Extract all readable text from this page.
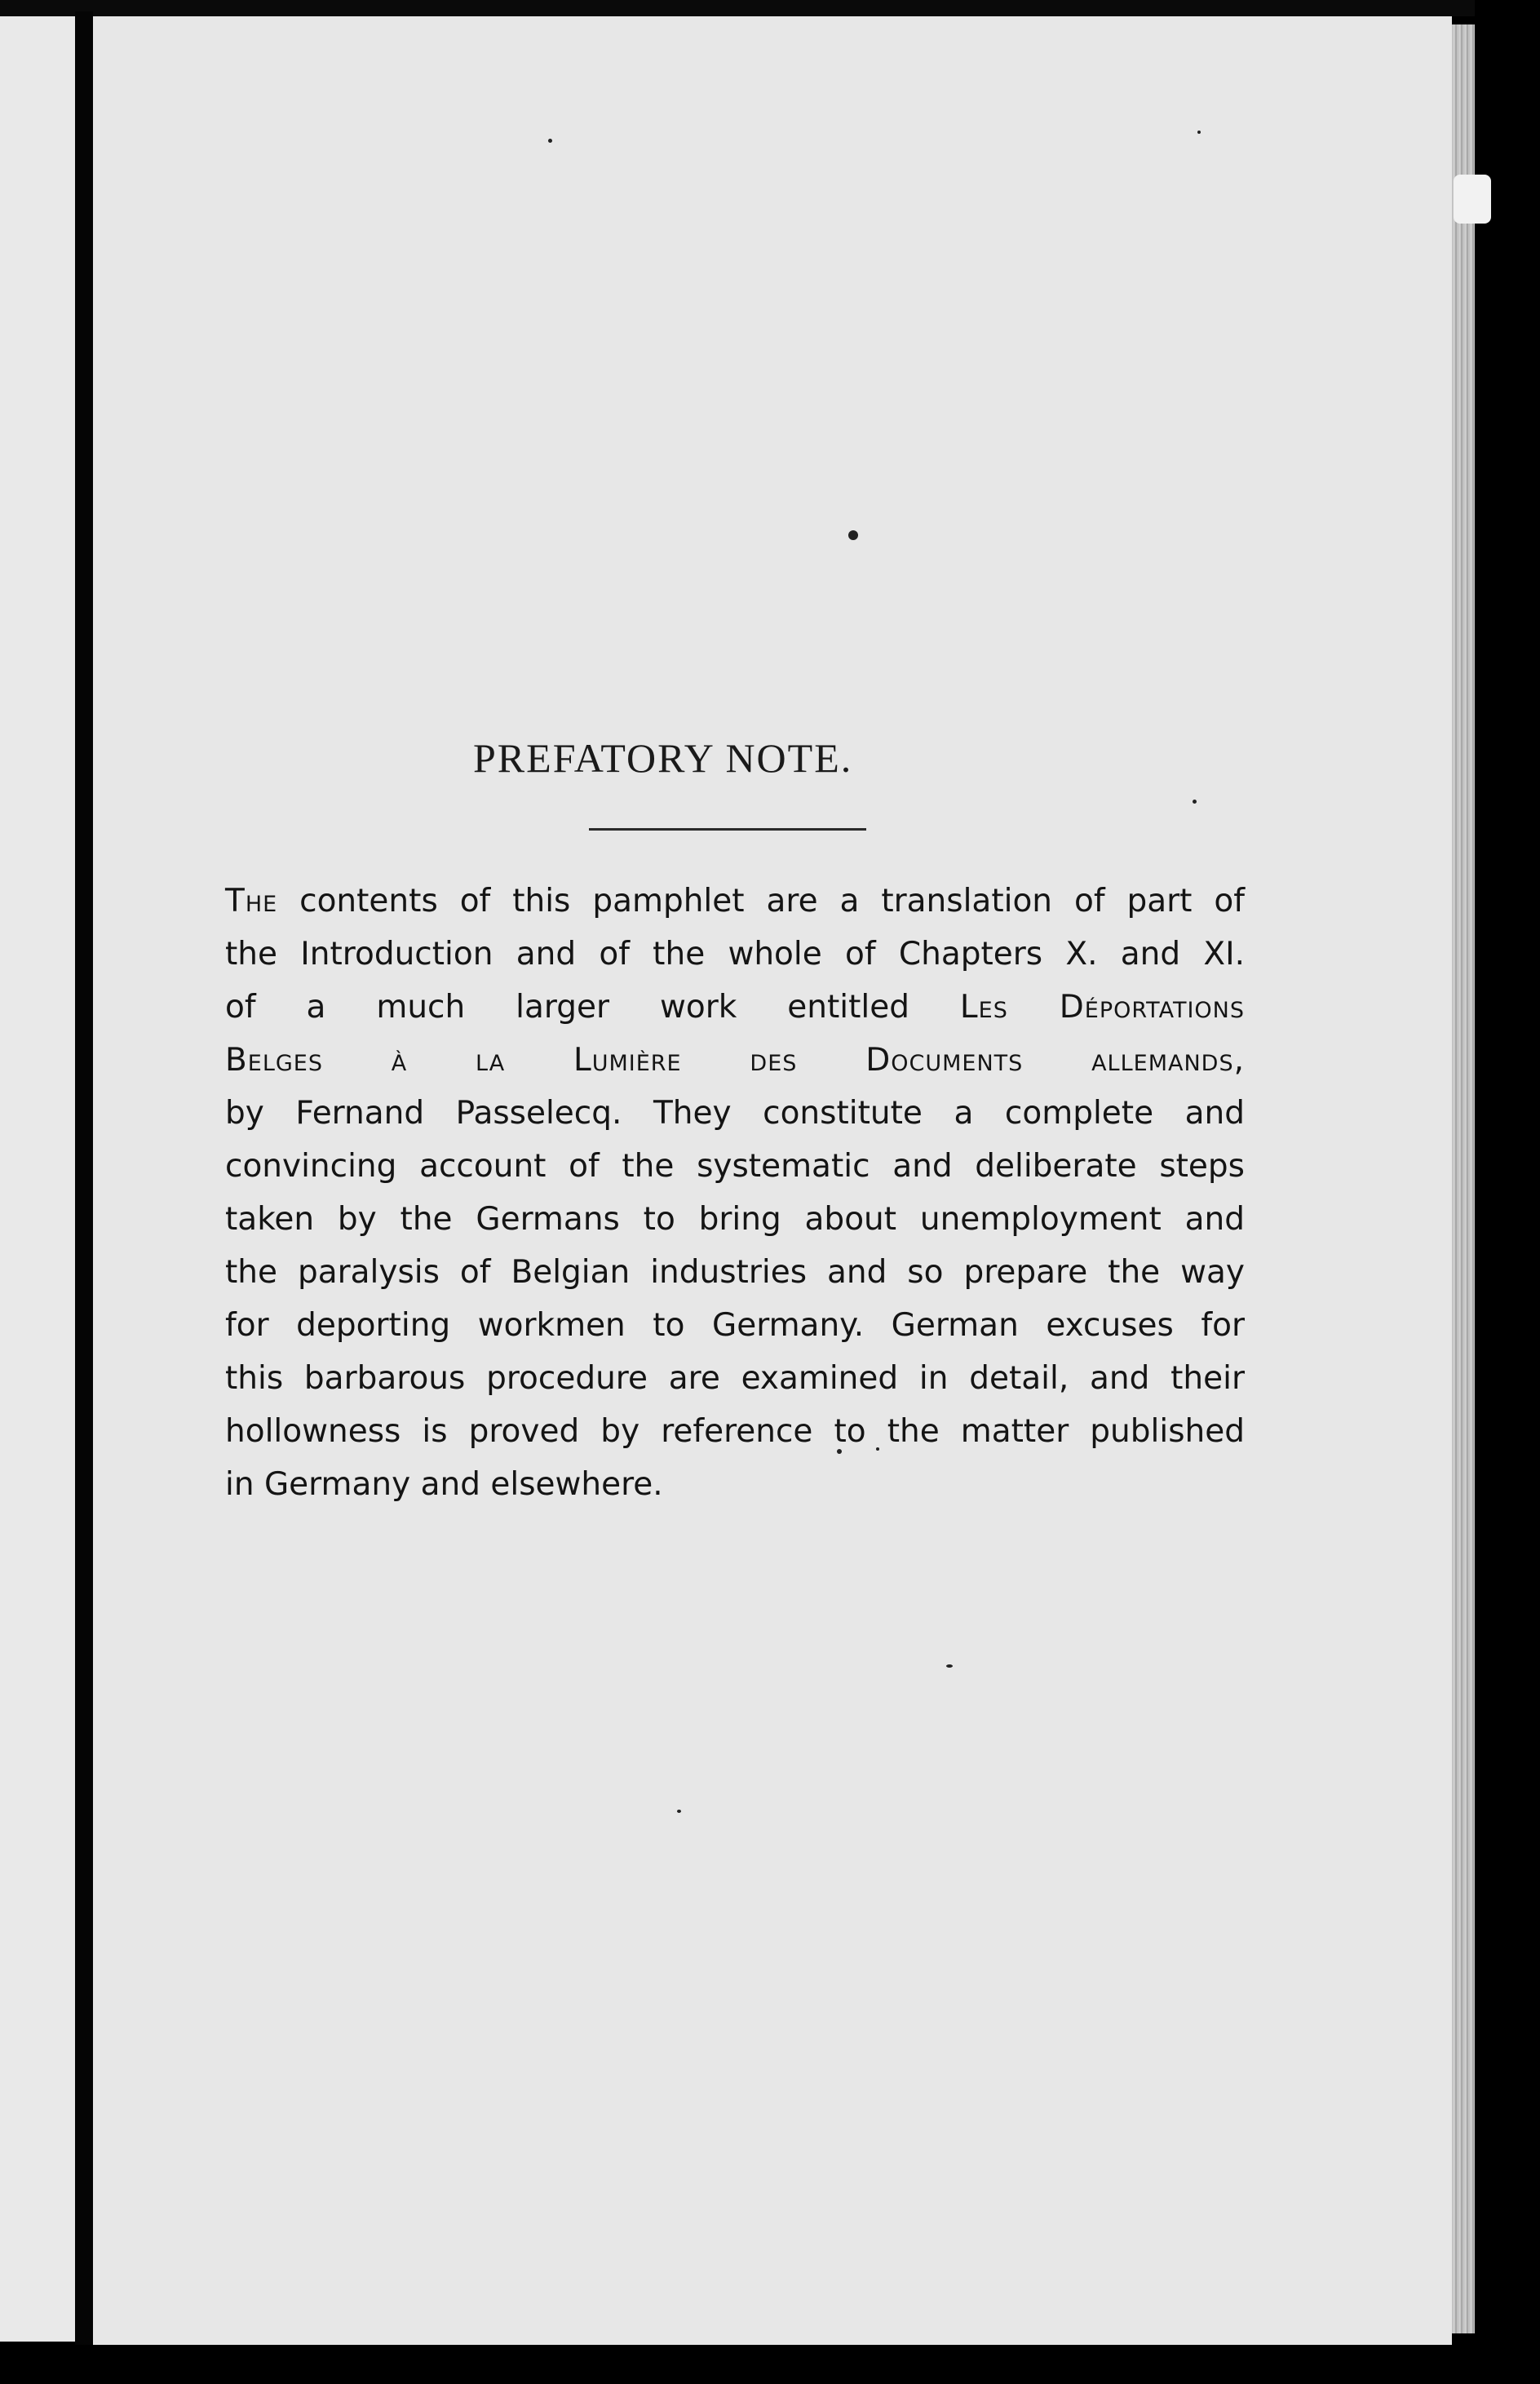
PREFATORY NOTE.
The contents of this pamphlet are a translation of part of
the Introduction and of the whole of Chapters X. and XI.
of a much larger work entitled Les Déportations
Belges à la Lumière des Documents allemands,
by Fernand Passelecq. They constitute a complete and
convincing account of the systematic and deliberate steps
taken by the Germans to bring about unemployment and
the paralysis of Belgian industries and so prepare the way
for deporting workmen to Germany. German excuses for
this barbarous procedure are examined in detail, and their
hollowness is proved by reference to the matter published
in Germany and elsewhere.
